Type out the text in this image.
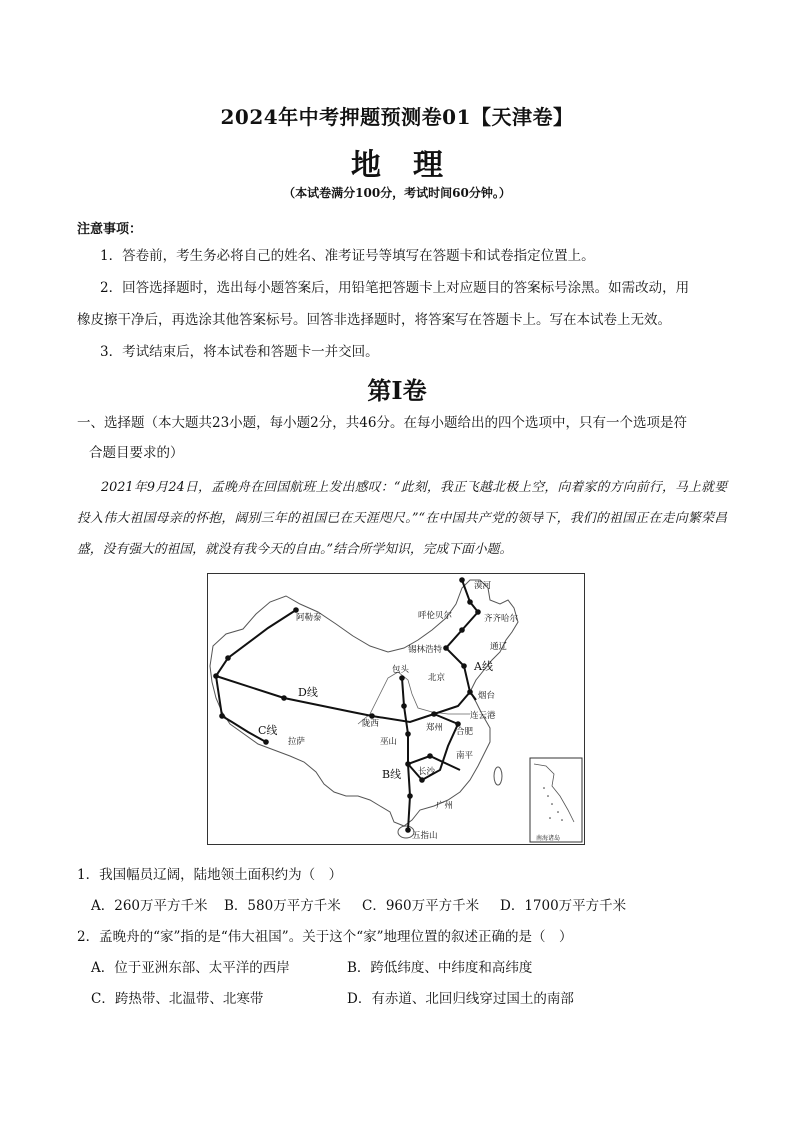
2024年中考押题预测卷01【天津卷】
地 理
（本试卷满分100分，考试时间60分钟。）
注意事项：
1．答卷前，考生务必将自己的姓名、准考证号等填写在答题卡和试卷指定位置上。
2．回答选择题时，选出每小题答案后，用铅笔把答题卡上对应题目的答案标号涂黑。如需改动，用
橡皮擦干净后，再选涂其他答案标号。回答非选择题时，将答案写在答题卡上。写在本试卷上无效。
3．考试结束后，将本试卷和答题卡一并交回。
第Ⅰ卷
一、选择题（本大题共23小题，每小题2分，共46分。在每小题给出的四个选项中，只有一个选项是符
合题目要求的）
2021年9月24日，孟晚舟在回国航班上发出感叹：“此刻，我正飞越北极上空，向着家的方向前行，马上就要投入伟大祖国母亲的怀抱，阔别三年的祖国已在天涯咫尺。”“在中国共产党的领导下，我们的祖国正在走向繁荣昌盛，没有强大的祖国，就没有我今天的自由。”结合所学知识，完成下面小题。
漠河
呼伦贝尔	齐齐哈尔
阿勒泰
锡林浩特	通辽
包头
北京
烟台
连云港
陇西	郑州 合肥
拉萨	巫山
长沙
南平
广州
五指山
A线
B线
C线
D线
南海诸岛
1．我国幅员辽阔，陆地领土面积约为（　）
A．260万平方千米 B．580万平方千米 C．960万平方千米 D．1700万平方千米
2．孟晚舟的“家”指的是“伟大祖国”。关于这个“家”地理位置的叙述正确的是（　）
A．位于亚洲东部、太平洋的西岸	B．跨低纬度、中纬度和高纬度
C．跨热带、北温带、北寒带	D．有赤道、北回归线穿过国土的南部
